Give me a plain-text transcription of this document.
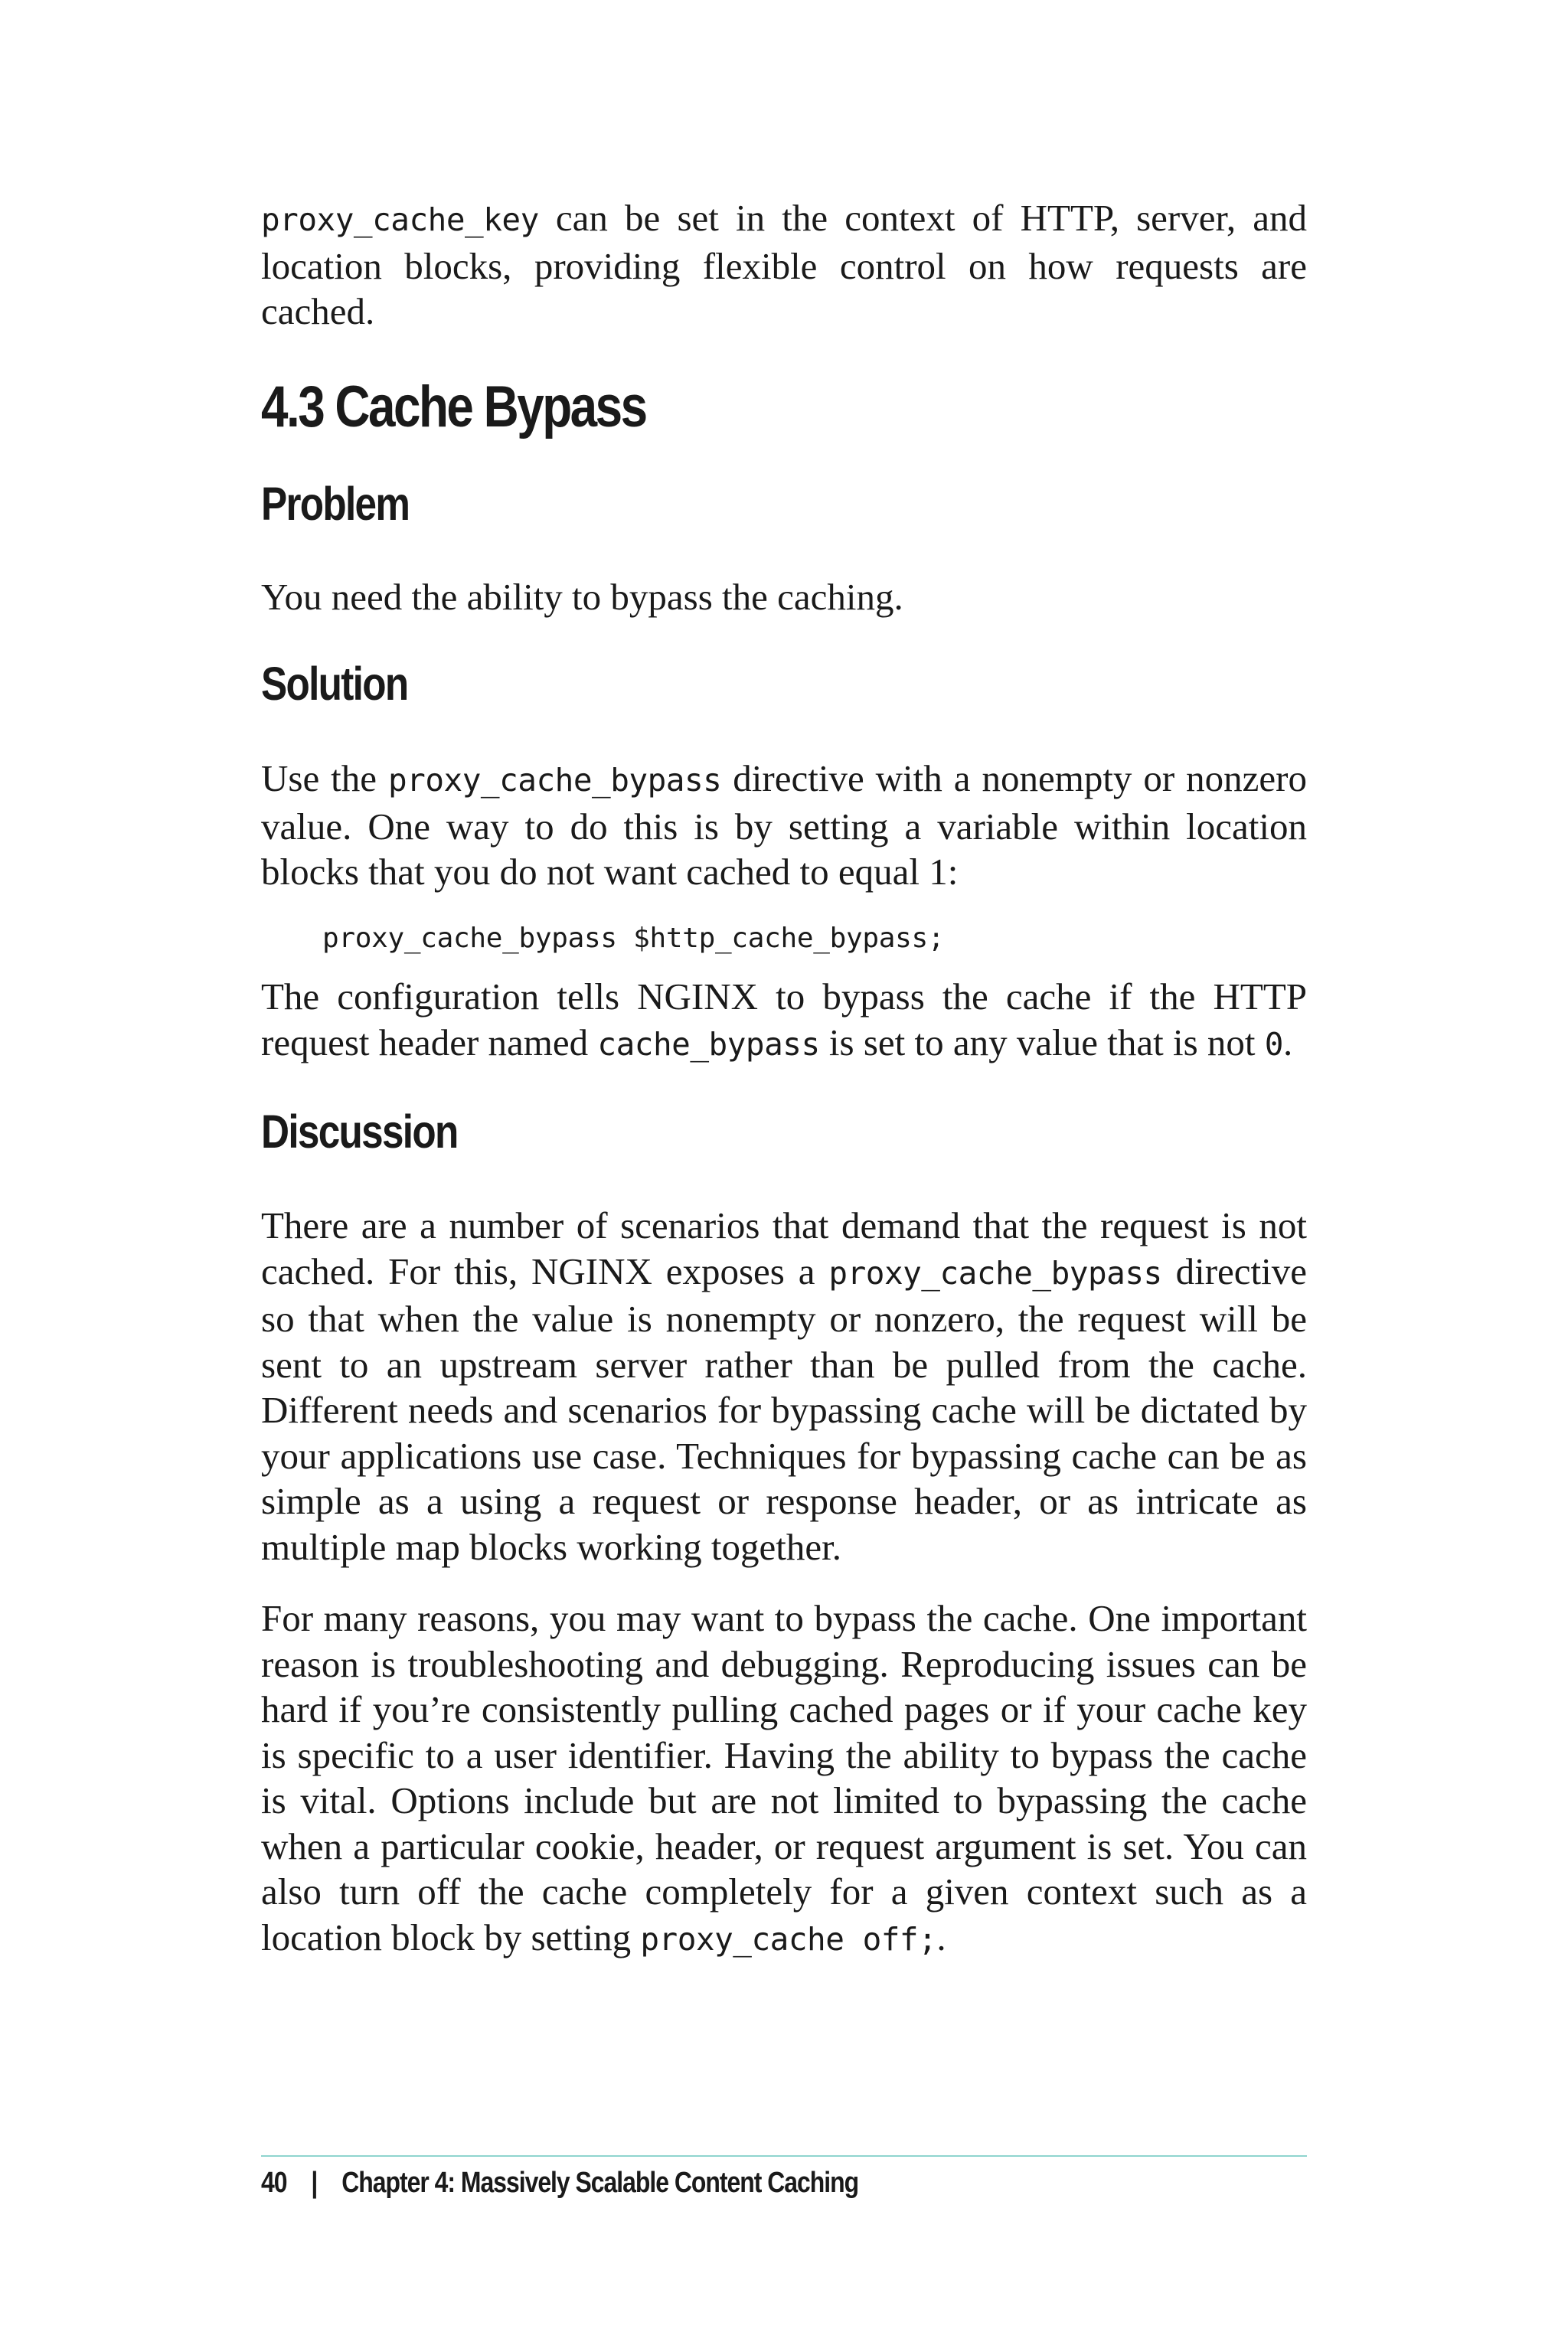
proxy_cache_key can be set in the context of HTTP, server, and location blocks, providing flexible control on how requests are cached.

4.3 Cache Bypass
Problem

You need the ability to bypass the caching.

Solution

Use the proxy_cache_bypass directive with a nonempty or nonzero value. One way to do this is by setting a variable within location blocks that you do not want cached to equal 1:

proxy_cache_bypass $http_cache_bypass;

The configuration tells NGINX to bypass the cache if the HTTP request header named cache_bypass is set to any value that is not 0.

Discussion

There are a number of scenarios that demand that the request is not cached. For this, NGINX exposes a proxy_cache_bypass directive so that when the value is nonempty or nonzero, the request will be sent to an upstream server rather than be pulled from the cache. Different needs and scenarios for bypassing cache will be dictated by your applications use case. Techniques for bypassing cache can be as simple as a using a request or response header, or as intricate as multiple map blocks working together.

For many reasons, you may want to bypass the cache. One important reason is troubleshooting and debugging. Reproducing issues can be hard if you’re consistently pulling cached pages or if your cache key is specific to a user identifier. Having the ability to bypass the cache is vital. Options include but are not limited to bypassing the cache when a particular cookie, header, or request argument is set. You can also turn off the cache completely for a given context such as a location block by setting proxy_cache off;.

40 | Chapter 4: Massively Scalable Content Caching
